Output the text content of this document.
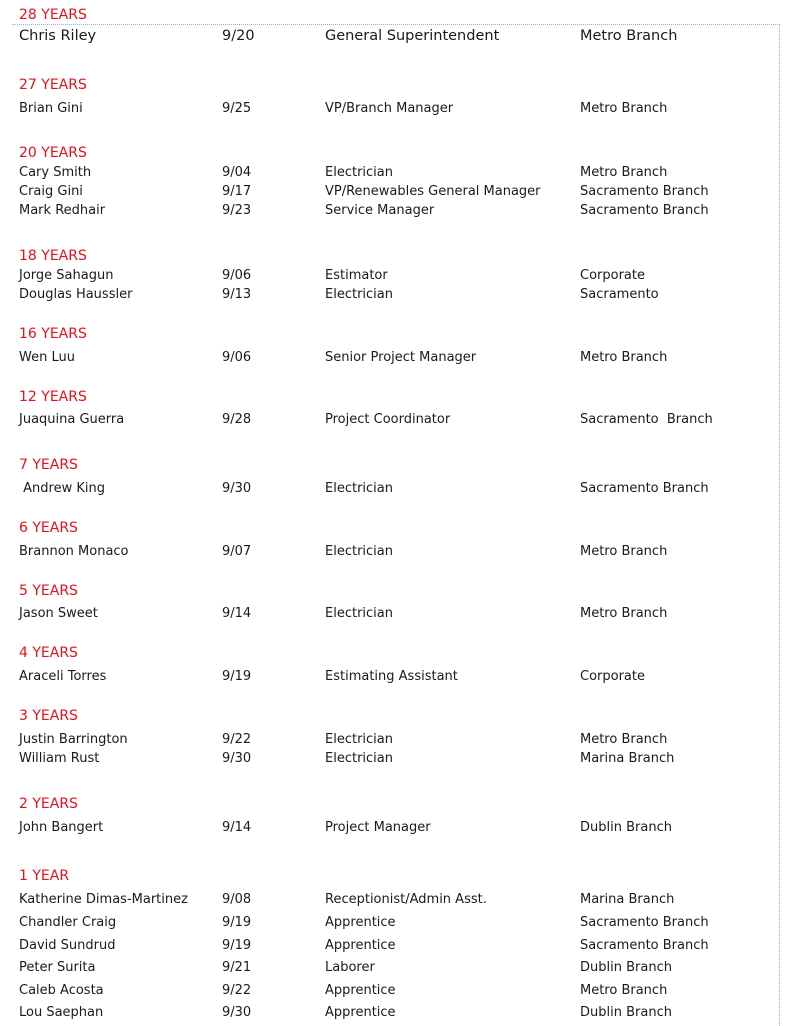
28 YEARS
Chris Riley	9/20	General Superintendent	Metro Branch
27 YEARS
Brian Gini	9/25	VP/Branch Manager	Metro Branch
20 YEARS
Cary Smith	9/04	Electrician	Metro Branch
Craig Gini	9/17	VP/Renewables General Manager	Sacramento Branch
Mark Redhair	9/23	Service Manager	Sacramento Branch
18 YEARS
Jorge Sahagun	9/06	Estimator	Corporate
Douglas Haussler	9/13	Electrician	Sacramento
16 YEARS
Wen Luu	9/06	Senior Project Manager	Metro Branch
12 YEARS
Juaquina Guerra	9/28	Project Coordinator	Sacramento  Branch
7 YEARS
Andrew King	9/30	Electrician	Sacramento Branch
6 YEARS
Brannon Monaco	9/07	Electrician	Metro Branch
5 YEARS
Jason Sweet	9/14	Electrician	Metro Branch
4 YEARS
Araceli Torres	9/19	Estimating Assistant	Corporate
3 YEARS
Justin Barrington	9/22	Electrician	Metro Branch
William Rust	9/30	Electrician	Marina Branch
2 YEARS
John Bangert	9/14	Project Manager	Dublin Branch
1 YEAR
Katherine Dimas-Martinez	9/08	Receptionist/Admin Asst.	Marina Branch
Chandler Craig	9/19	Apprentice	Sacramento Branch
David Sundrud	9/19	Apprentice	Sacramento Branch
Peter Surita	9/21	Laborer	Dublin Branch
Caleb Acosta	9/22	Apprentice	Metro Branch
Lou Saephan	9/30	Apprentice	Dublin Branch
